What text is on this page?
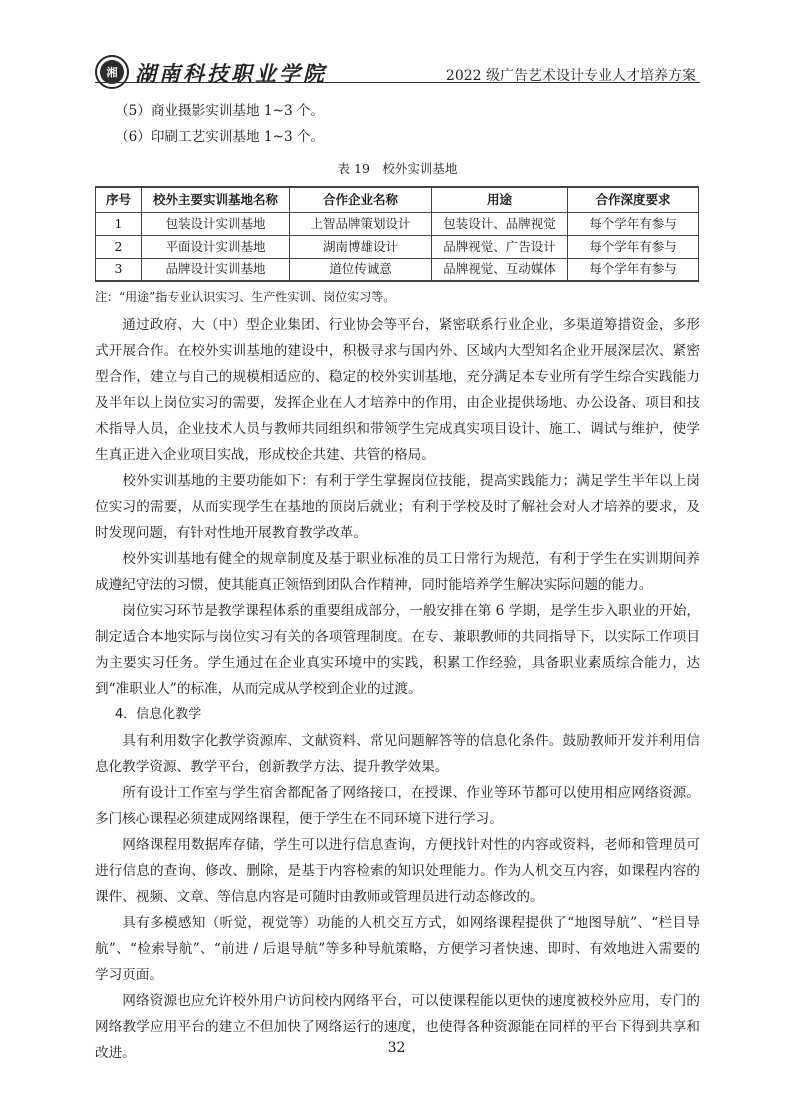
湘 湖南科技职业学院	2022 级广告艺术设计专业人才培养方案
（5）商业摄影实训基地 1~3 个。
（6）印刷工艺实训基地 1~3 个。
表 19　校外实训基地
序号	校外主要实训基地名称	合作企业名称	用途	合作深度要求
1	包装设计实训基地	上智品牌策划设计	包装设计、品牌视觉	每个学年有参与
2	平面设计实训基地	湖南博雄设计	品牌视觉、广告设计	每个学年有参与
3	品牌设计实训基地	道位传诚意	品牌视觉、互动媒体	每个学年有参与
注：“用途”指专业认识实习、生产性实训、岗位实习等。

通过政府、大（中）型企业集团、行业协会等平台，紧密联系行业企业，多渠道筹措资金，多形式开展合作。在校外实训基地的建设中，积极寻求与国内外、区域内大型知名企业开展深层次、紧密型合作，建立与自己的规模相适应的、稳定的校外实训基地，充分满足本专业所有学生综合实践能力及半年以上岗位实习的需要，发挥企业在人才培养中的作用，由企业提供场地、办公设备、项目和技术指导人员，企业技术人员与教师共同组织和带领学生完成真实项目设计、施工、调试与维护，使学生真正进入企业项目实战，形成校企共建、共管的格局。

校外实训基地的主要功能如下：有利于学生掌握岗位技能，提高实践能力；满足学生半年以上岗位实习的需要，从而实现学生在基地的顶岗后就业；有利于学校及时了解社会对人才培养的要求，及时发现问题，有针对性地开展教育教学改革。

校外实训基地有健全的规章制度及基于职业标准的员工日常行为规范，有利于学生在实训期间养成遵纪守法的习惯，使其能真正领悟到团队合作精神，同时能培养学生解决实际问题的能力。

岗位实习环节是教学课程体系的重要组成部分，一般安排在第 6 学期，是学生步入职业的开始，制定适合本地实际与岗位实习有关的各项管理制度。在专、兼职教师的共同指导下，以实际工作项目为主要实习任务。学生通过在企业真实环境中的实践，积累工作经验，具备职业素质综合能力，达到“准职业人”的标准，从而完成从学校到企业的过渡。

4．信息化教学

具有利用数字化教学资源库、文献资料、常见问题解答等的信息化条件。鼓励教师开发并利用信息化教学资源、教学平台，创新教学方法、提升教学效果。

所有设计工作室与学生宿舍都配备了网络接口，在授课、作业等环节都可以使用相应网络资源。多门核心课程必须建成网络课程，便于学生在不同环境下进行学习。

网络课程用数据库存储，学生可以进行信息查询，方便找针对性的内容或资料，老师和管理员可进行信息的查询、修改、删除，是基于内容检索的知识处理能力。作为人机交互内容，如课程内容的课件、视频、文章、等信息内容是可随时由教师或管理员进行动态修改的。

具有多模感知（听觉，视觉等）功能的人机交互方式，如网络课程提供了“地图导航”、“栏目导航”、“检索导航”、“前进 / 后退导航”等多种导航策略，方便学习者快速、即时、有效地进入需要的学习页面。

网络资源也应允许校外用户访问校内网络平台，可以使课程能以更快的速度被校外应用，专门的网络教学应用平台的建立不但加快了网络运行的速度，也使得各种资源能在同样的平台下得到共享和改进。	32
